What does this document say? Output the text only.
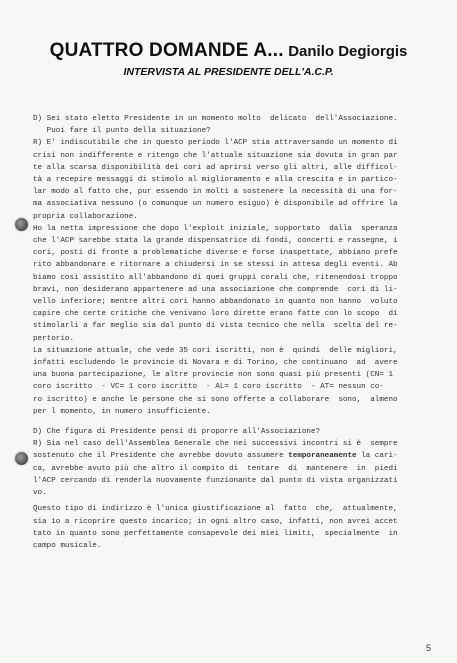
QUATTRO DOMANDE A... Danilo Degiorgis
INTERVISTA AL PRESIDENTE DELL'A.C.P.
D) Sei stato eletto Presidente in un momento molto  delicato  dell'Associazione.
Puoi fare il punto della situazione?
R) E' indiscutibile che in questo periodo l'ACP stia attraversando un momento di
crisi non indifferente e ritengo che l'attuale situazione sia dovuta in gran par
te alla scarsa disponibilità dei cori ad aprirsi verso gli altri, alle difficol-
tà a recepire messaggi di stimolo al miglioramento e alla crescita e in partico-
lar modo al fatto che, pur essendo in molti a sostenere la necessità di una for-
ma associativa nessuno (o comunque un numero esiguo) è disponibile ad offrire la
propria collaborazione.
Ho la netta impressione che dopo l'exploit iniziale, supportato  dalla  speranza
che l'ACP sarebbe stata la grande dispensatrice di fondi, concerti e rassegne, i
cori, posti di fronte a problematiche diverse e forse inaspettate, abbiano prefe
rito abbandonare e ritornare a chiudersi in se stessi in attesa degli eventi. Ab
biamo così assistito all'abbandono di quei gruppi corali che, ritenendosi troppo
bravi, non desiderano appartenere ad una associazione che comprende  cori di li-
vello inferiore; mentre altri cori hanno abbandonato in quanto non hanno  voluto
capire che certe critiche che venivano loro dirette erano fatte con lo scopo  di
stimolarli a far meglio sia dal punto di vista tecnico che nella  scelta del re-
pertorio.
La situazione attuale, che vede 35 cori iscritti, non è  quindi  delle migliori,
infatti escludendo le provincie di Novara e di Torino, che continuano  ad  avere
una buona partecipazione, le altre provincie non sono quasi più presenti (CN= 1
coro iscritto  - VC= 1 coro iscritto  - AL= 1 coro iscritto  - AT= nessun co-
ro iscritto) e anche le persone che si sono offerte a collaborare  sono,  almeno
per l momento, in numero insufficiente.
D) Che figura di Presidente pensi di proporre all'Associazione?
R) Sia nel caso dell'Assemblea Generale che nei successivi incontri si è  sempre
sostenuto che il Presidente che avrebbe dovuto assumere temporaneamente la cari-
ca, avrebbe avuto più che altro il compito di  tentare  di  mantenere  in  piedi
l'ACP cercando di renderla nuovamente funzionante dal punto di vista organizzati
vo.
Questo tipo di indirizzo è l'unica giustificazione al  fatto  che,  attualmente,
sia io a ricoprire questo incarico; in ogni altro caso, infatti, non avrei accet
tato in quanto sono perfettamente consapevole dei miei limiti,  specialmente  in
campo musicale.
5
